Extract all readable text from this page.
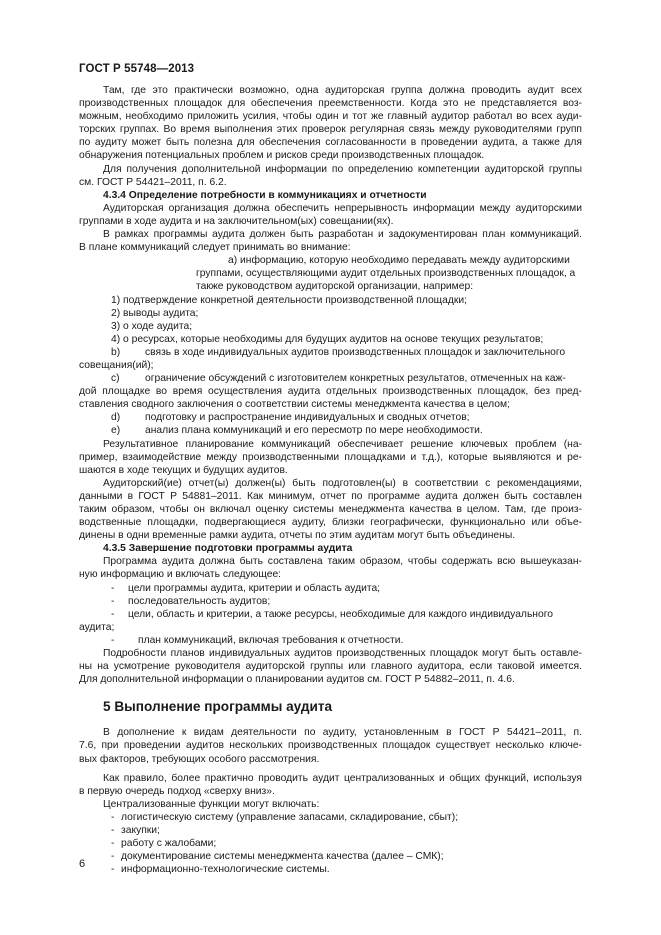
ГОСТ Р 55748—2013
Там, где это практически возможно, одна аудиторская группа должна проводить аудит всех
производственных площадок для обеспечения преемственности. Когда это не представляется воз-
можным, необходимо приложить усилия, чтобы один и тот же главный аудитор работал во всех ауди-
торских группах. Во время выполнения этих проверок регулярная связь между руководителями групп
по аудиту может быть полезна для обеспечения согласованности в проведении аудита, а также для
обнаружения потенциальных проблем и рисков среди производственных площадок.
Для получения дополнительной информации по определению компетенции аудиторской группы
см. ГОСТ Р 54421–2011, п. 6.2.
4.3.4 Определение потребности в коммуникациях и отчетности
Аудиторская организация должна обеспечить непрерывность информации между аудиторскими
группами в ходе аудита и на заключительном(ых) совещании(ях).
В рамках программы аудита должен быть разработан и задокументирован план коммуникаций.
В плане коммуникаций следует принимать во внимание:
а) информацию, которую необходимо передавать между аудиторскими
группами, осуществляющими аудит отдельных производственных площадок, а
также руководством аудиторской организации, например:
1) подтверждение конкретной деятельности производственной площадки;
2) выводы аудита;
3) о ходе аудита;
4) о ресурсах, которые необходимы для будущих аудитов на основе текущих результатов;
b) связь в ходе индивидуальных аудитов производственных площадок и заключительного
совещания(ий);
с) ограничение обсуждений с изготовителем конкретных результатов, отмеченных на каж-
дой площадке во время осуществления аудита отдельных производственных площадок, без пред-
ставления сводного заключения о соответствии системы менеджмента качества в целом;
d) подготовку и распространение индивидуальных и сводных отчетов;
е) анализ плана коммуникаций и его пересмотр по мере необходимости.
Результативное планирование коммуникаций обеспечивает решение ключевых проблем (на-
пример, взаимодействие между производственными площадками и т.д.), которые выявляются и ре-
шаются в ходе текущих и будущих аудитов.
Аудиторский(ие) отчет(ы) должен(ы) быть подготовлен(ы) в соответствии с рекомендациями,
данными в ГОСТ Р 54881–2011. Как минимум, отчет по программе аудита должен быть составлен
таким образом, чтобы он включал оценку системы менеджмента качества в целом. Там, где произ-
водственные площадки, подвергающиеся аудиту, близки географически, функционально или объе-
динены в одни временные рамки аудита, отчеты по этим аудитам могут быть объединены.
4.3.5 Завершение подготовки программы аудита
Программа аудита должна быть составлена таким образом, чтобы содержать всю вышеуказан-
ную информацию и включать следующее:
- цели программы аудита, критерии и область аудита;
- последовательность аудитов;
- цели, область и критерии, а также ресурсы, необходимые для каждого индивидуального
аудита;
- план коммуникаций, включая требования к отчетности.
Подробности планов индивидуальных аудитов производственных площадок могут быть оставле-
ны на усмотрение руководителя аудиторской группы или главного аудитора, если таковой имеется.
Для дополнительной информации о планировании аудитов см. ГОСТ Р 54882–2011, п. 4.6.
5 Выполнение программы аудита
В дополнение к видам деятельности по аудиту, установленным в ГОСТ Р 54421–2011, п.
7.6, при проведении аудитов нескольких производственных площадок существует несколько ключе-
вых факторов, требующих особого рассмотрения.
Как правило, более практично проводить аудит централизованных и общих функций, используя
в первую очередь подход «сверху вниз».
Централизованные функции могут включать:
- логистическую систему (управление запасами, складирование, сбыт);
- закупки;
- работу с жалобами;
- документирование системы менеджмента качества (далее – СМК);
- информационно-технологические системы.
6
